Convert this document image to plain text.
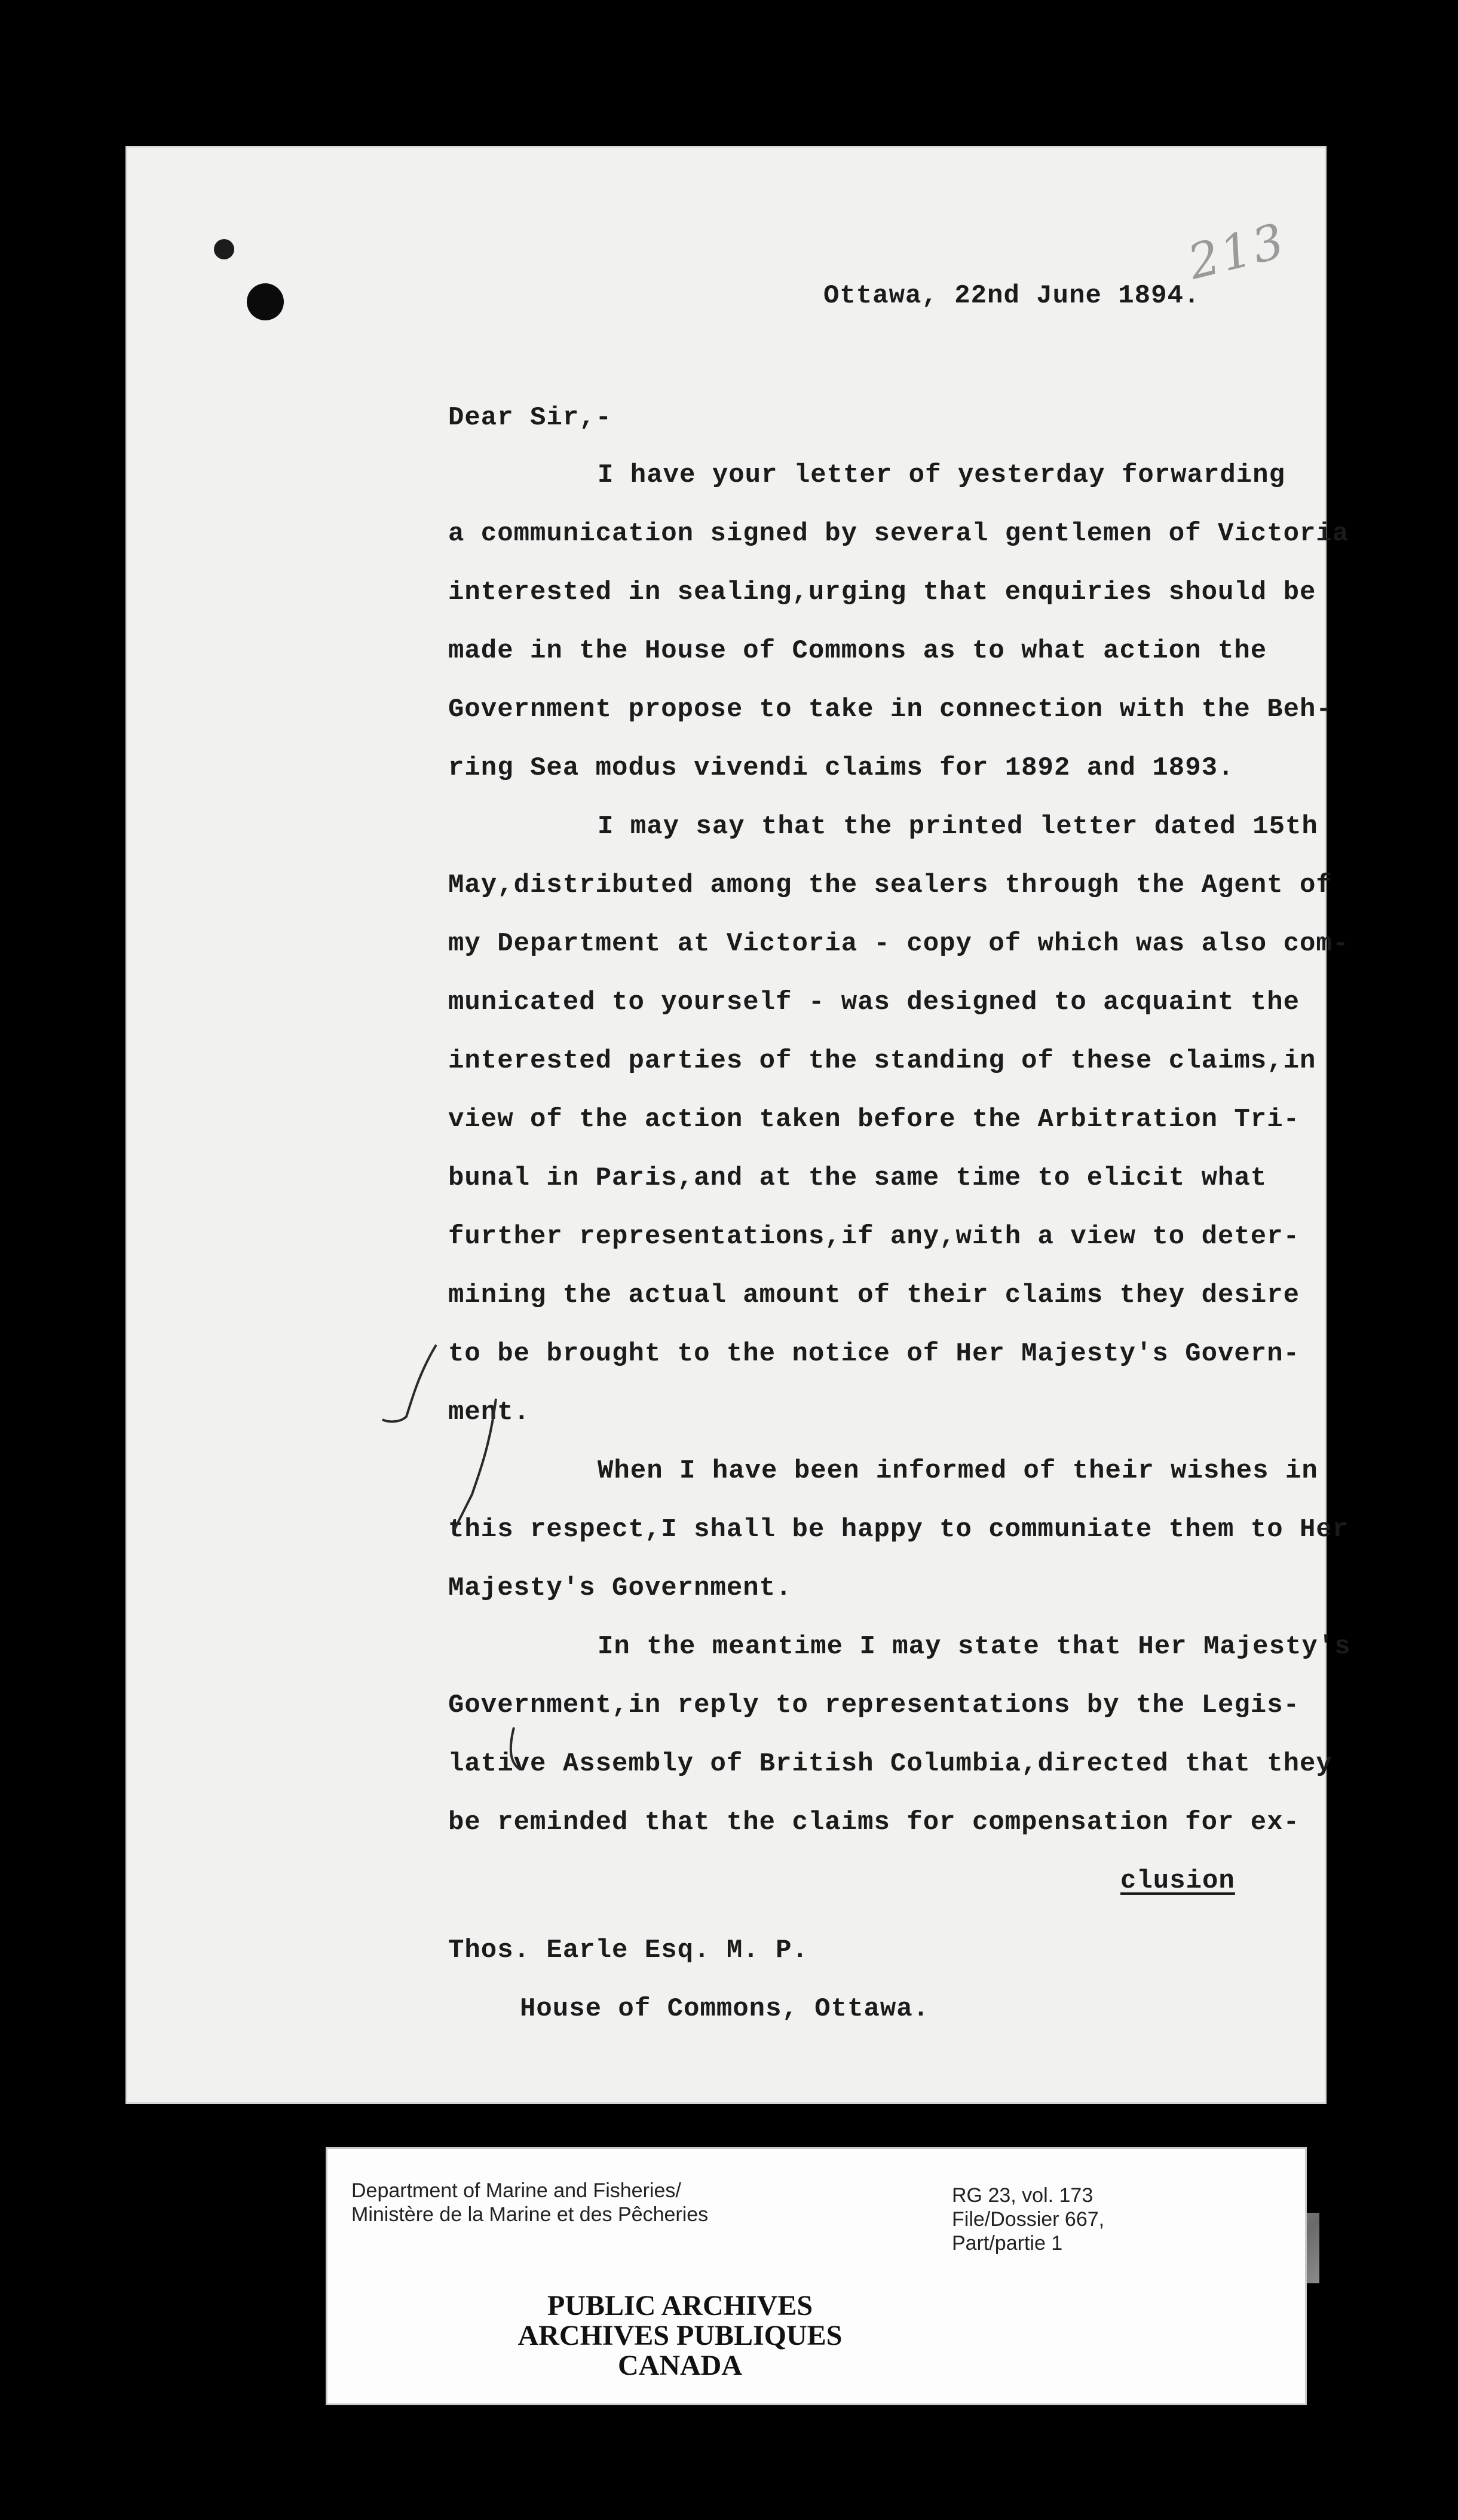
213
Ottawa, 22nd June 1894.
Dear Sir,-
I have your letter of yesterday forwarding
a communication signed by several gentlemen of Victoria
interested in sealing,urging that enquiries should be
made in the House of Commons as to what action the
Government propose to take in connection with the Beh-
ring Sea modus vivendi claims for 1892 and 1893.
I may say that the printed letter dated 15th
May,distributed among the sealers through the Agent of
my Department at Victoria - copy of which was also com-
municated to yourself - was designed to acquaint the
interested parties of the standing of these claims,in
view of the action taken before the Arbitration Tri-
bunal in Paris,and at the same time to elicit what
further representations,if any,with a view to deter-
mining the actual amount of their claims they desire
to be brought to the notice of Her Majesty's Govern-
ment.
When I have been informed of their wishes in
this respect,I shall be happy to communiate them to Her
Majesty's Government.
In the meantime I may state that Her Majesty's
Government,in reply to representations by the Legis-
lative Assembly of British Columbia,directed that they
be reminded that the claims for compensation for ex-
clusion
Thos. Earle Esq. M. P.
House of Commons, Ottawa.
Department of Marine and Fisheries/
Ministère de la Marine et des Pêcheries
RG 23, vol. 173
File/Dossier 667,
Part/partie 1
PUBLIC ARCHIVES
ARCHIVES PUBLIQUES
CANADA
